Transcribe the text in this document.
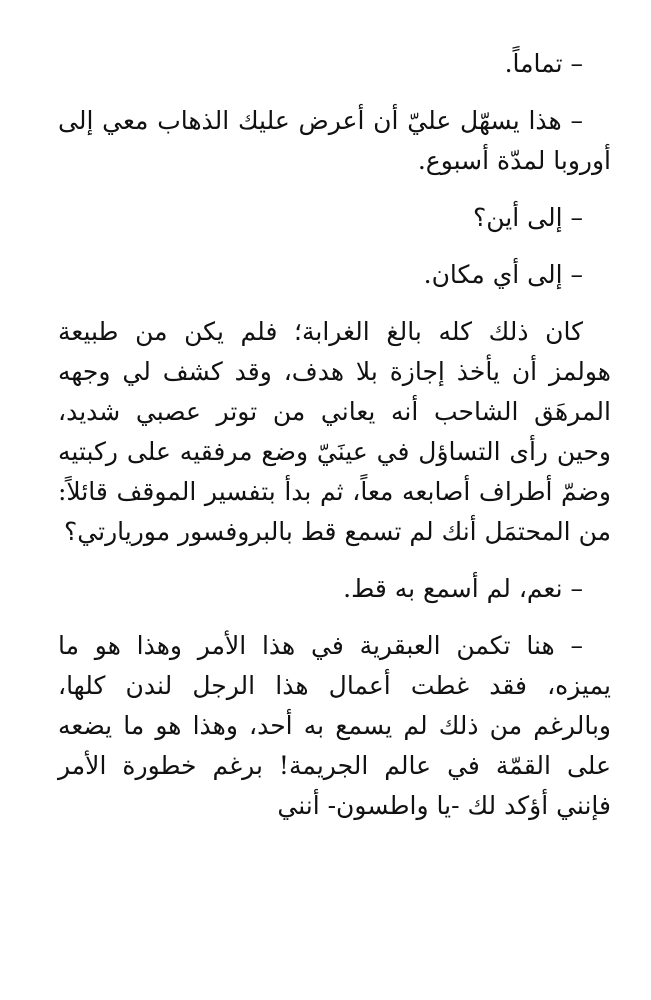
– تماماً.

– هذا يسهّل عليّ أن أعرض عليك الذهاب معي إلى أوروبا لمدّة أسبوع.

– إلى أين؟

– إلى أي مكان.

كان ذلك كله بالغ الغرابة؛ فلم يكن من طبيعة هولمز أن يأخذ إجازة بلا هدف، وقد كشف لي وجهه المرهَق الشاحب أنه يعاني من توتر عصبي شديد، وحين رأى التساؤل في عينَيّ وضع مرفقيه على ركبتيه وضمّ أطراف أصابعه معاً، ثم بدأ بتفسير الموقف قائلاً: من المحتمَل أنك لم تسمع قط بالبروفسور موريارتي؟

– نعم، لم أسمع به قط.

– هنا تكمن العبقرية في هذا الأمر وهذا هو ما يميزه، فقد غطت أعمال هذا الرجل لندن كلها، وبالرغم من ذلك لم يسمع به أحد، وهذا هو ما يضعه على القمّة في عالم الجريمة! برغم خطورة الأمر فإنني أؤكد لك -يا واطسون- أنني
